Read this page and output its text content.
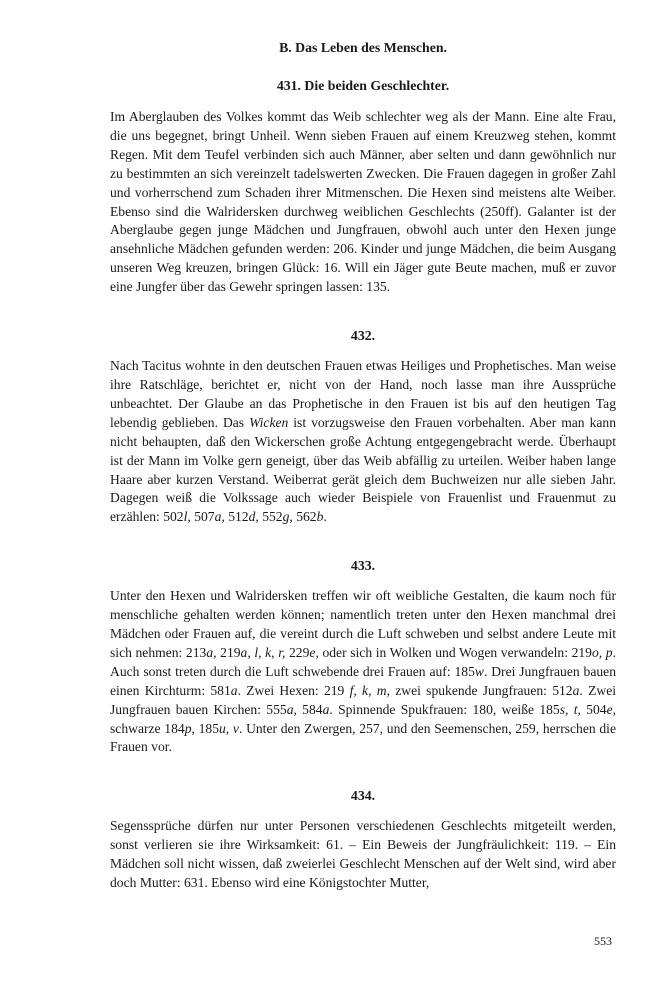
B. Das Leben des Menschen.
431. Die beiden Geschlechter.

Im Aberglauben des Volkes kommt das Weib schlechter weg als der Mann. Eine alte Frau, die uns begegnet, bringt Unheil. Wenn sieben Frauen auf einem Kreuzweg stehen, kommt Regen. Mit dem Teufel verbinden sich auch Männer, aber selten und dann gewöhnlich nur zu bestimmten an sich vereinzelt tadelswerten Zwecken. Die Frauen dagegen in großer Zahl und vorherrschend zum Schaden ihrer Mitmenschen. Die Hexen sind meistens alte Weiber. Ebenso sind die Walridersken durchweg weiblichen Geschlechts (250ff). Galanter ist der Aberglaube gegen junge Mädchen und Jungfrauen, obwohl auch unter den Hexen junge ansehnliche Mädchen gefunden werden: 206. Kinder und junge Mädchen, die beim Ausgang unseren Weg kreuzen, bringen Glück: 16. Will ein Jäger gute Beute machen, muß er zuvor eine Jungfer über das Gewehr springen lassen: 135.

432.

Nach Tacitus wohnte in den deutschen Frauen etwas Heiliges und Prophetisches. Man weise ihre Ratschläge, berichtet er, nicht von der Hand, noch lasse man ihre Aussprüche unbeachtet. Der Glaube an das Prophetische in den Frauen ist bis auf den heutigen Tag lebendig geblieben. Das Wicken ist vorzugsweise den Frauen vorbehalten. Aber man kann nicht behaupten, daß den Wickerschen große Achtung entgegengebracht werde. Überhaupt ist der Mann im Volke gern geneigt, über das Weib abfällig zu urteilen. Weiber haben lange Haare aber kurzen Verstand. Weiberrat gerät gleich dem Buchweizen nur alle sieben Jahr. Dagegen weiß die Volkssage auch wieder Beispiele von Frauenlist und Frauenmut zu erzählen: 502l, 507a, 512d, 552g, 562b.

433.

Unter den Hexen und Walridersken treffen wir oft weibliche Gestalten, die kaum noch für menschliche gehalten werden können; namentlich treten unter den Hexen manchmal drei Mädchen oder Frauen auf, die vereint durch die Luft schweben und selbst andere Leute mit sich nehmen: 213a, 219a, l, k, r, 229e, oder sich in Wolken und Wogen verwandeln: 219o, p. Auch sonst treten durch die Luft schwebende drei Frauen auf: 185w. Drei Jungfrauen bauen einen Kirchturm: 581a. Zwei Hexen: 219 f, k, m, zwei spukende Jungfrauen: 512a. Zwei Jungfrauen bauen Kirchen: 555a, 584a. Spinnende Spukfrauen: 180, weiße 185s, t, 504e, schwarze 184p, 185u, v. Unter den Zwergen, 257, und den Seemenschen, 259, herrschen die Frauen vor.

434.

Segenssprüche dürfen nur unter Personen verschiedenen Geschlechts mitgeteilt werden, sonst verlieren sie ihre Wirksamkeit: 61. – Ein Beweis der Jungfräulichkeit: 119. – Ein Mädchen soll nicht wissen, daß zweierlei Geschlecht Menschen auf der Welt sind, wird aber doch Mutter: 631. Ebenso wird eine Königstochter Mutter,

553
